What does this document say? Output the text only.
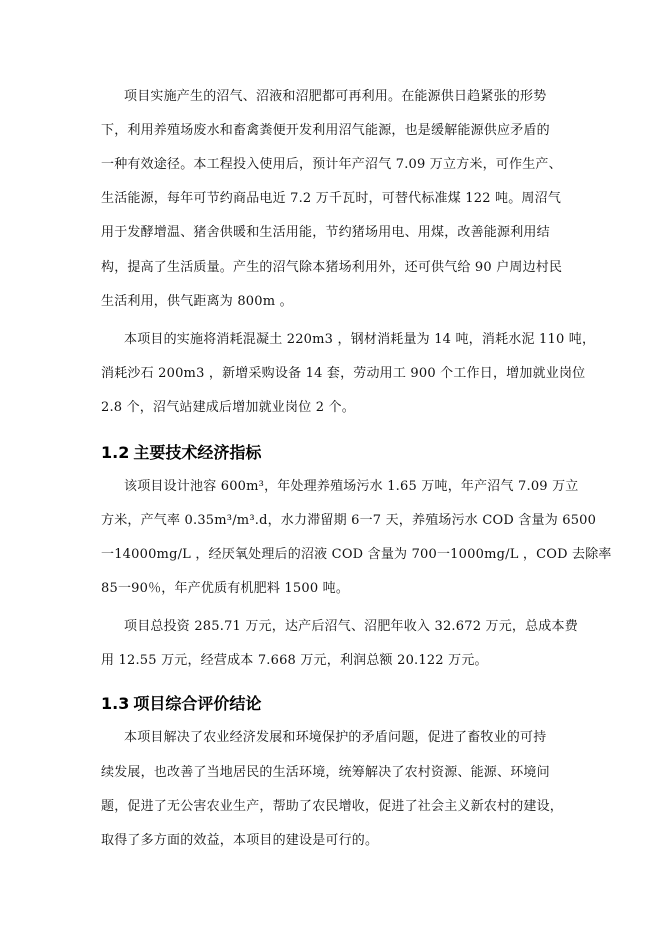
项目实施产生的沼气、沼液和沼肥都可再利用。在能源供日趋紧张的形势
下，利用养殖场废水和畜禽粪便开发利用沼气能源，也是缓解能源供应矛盾的
一种有效途径。本工程投入使用后，预计年产沼气 7.09 万立方米，可作生产、
生活能源，每年可节约商品电近 7.2 万千瓦时，可替代标准煤 122 吨。周沼气
用于发酵增温、猪舍供暖和生活用能，节约猪场用电、用煤，改善能源利用结
构，提高了生活质量。产生的沼气除本猪场利用外，还可供气给 90 户周边村民
生活利用，供气距离为 800m 。
本项目的实施将消耗混凝土 220m3 ，钢材消耗量为 14 吨，消耗水泥 110 吨，
消耗沙石 200m3 ，新增采购设备 14 套，劳动用工 900 个工作日，增加就业岗位
2.8 个，沼气站建成后增加就业岗位 2 个。
1.2 主要技术经济指标
该项目设计池容 600m³，年处理养殖场污水 1.65 万吨，年产沼气 7.09 万立
方米，产气率 0.35m³/m³.d，水力滞留期 6一7 天，养殖场污水 COD 含量为 6500
一14000mg/L ，经厌氧处理后的沼液 COD 含量为 700一1000mg/L ，COD 去除率
85一90％，年产优质有机肥料 1500 吨。
项目总投资 285.71 万元，达产后沼气、沼肥年收入 32.672 万元，总成本费
用 12.55 万元，经营成本 7.668 万元，利润总额 20.122 万元。
1.3 项目综合评价结论
本项目解决了农业经济发展和环境保护的矛盾问题，促进了畜牧业的可持
续发展，也改善了当地居民的生活环境，统筹解决了农村资源、能源、环境问
题，促进了无公害农业生产，帮助了农民增收，促进了社会主义新农村的建设，
取得了多方面的效益，本项目的建设是可行的。
